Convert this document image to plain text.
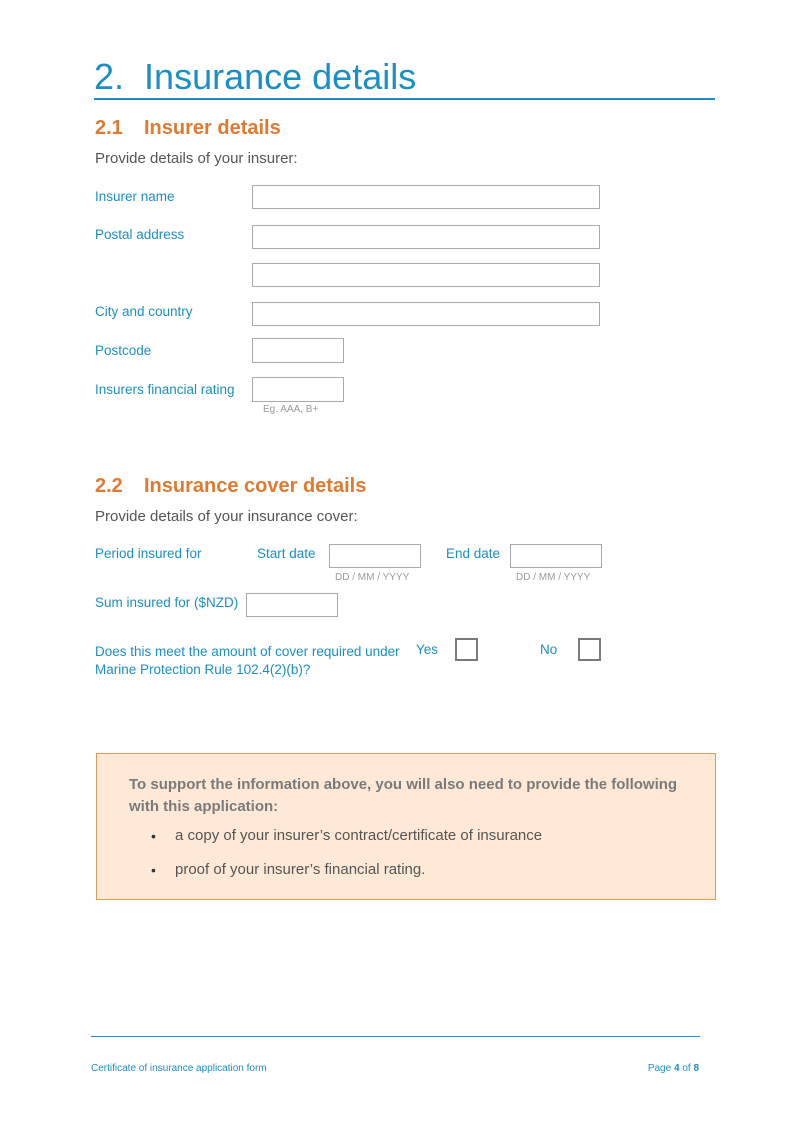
2. Insurance details
2.1 Insurer details
Provide details of your insurer:
Insurer name
Postal address
City and country
Postcode
Insurers financial rating
Eg. AAA, B+
2.2 Insurance cover details
Provide details of your insurance cover:
Period insured for	Start date
DD / MM / YYYY
End date
DD / MM / YYYY
Sum insured for ($NZD)
Does this meet the amount of cover required under
Marine Protection Rule 102.4(2)(b)?
Yes	No
To support the information above, you will also need to provide the following with this application:
• a copy of your insurer’s contract/certificate of insurance
• proof of your insurer’s financial rating.
Certificate of insurance application form	Page 4 of 8
